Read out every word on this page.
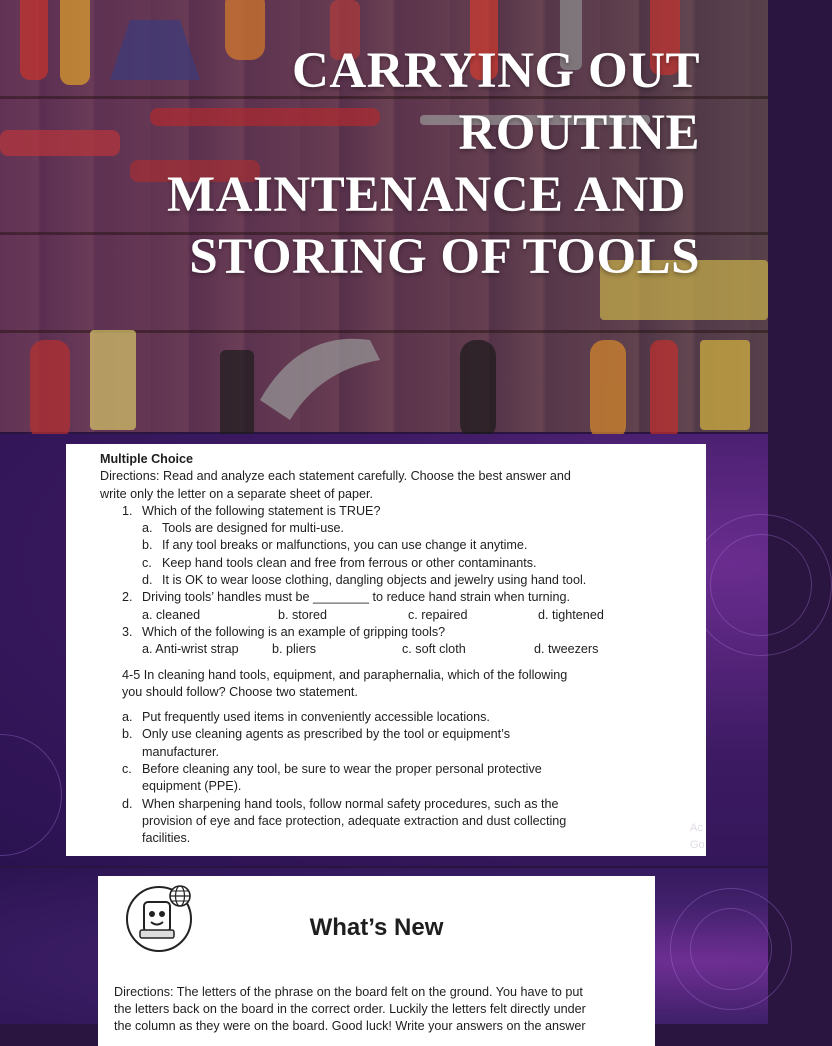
CARRYING OUT
ROUTINE
MAINTENANCE AND
STORING OF TOOLS
Multiple Choice
Directions: Read and analyze each statement carefully. Choose the best answer and
write only the letter on a separate sheet of paper.
1. Which of the following statement is TRUE?
a. Tools are designed for multi-use.
b. If any tool breaks or malfunctions, you can use change it anytime.
c. Keep hand tools clean and free from ferrous or other contaminants.
d. It is OK to wear loose clothing, dangling objects and jewelry using hand tool.
2. Driving tools’ handles must be ________ to reduce hand strain when turning.
a. cleaned	b. stored	c. repaired	d. tightened
3. Which of the following is an example of gripping tools?
a. Anti-wrist strap	b. pliers	c. soft cloth	d. tweezers
4-5 In cleaning hand tools, equipment, and paraphernalia, which of the following
you should follow? Choose two statement.
a. Put frequently used items in conveniently accessible locations.
b. Only use cleaning agents as prescribed by the tool or equipment’s
manufacturer.
c. Before cleaning any tool, be sure to wear the proper personal protective
equipment (PPE).
d. When sharpening hand tools, follow normal safety procedures, such as the
provision of eye and face protection, adequate extraction and dust collecting
facilities.
Ac
Go
What’s New
Directions: The letters of the phrase on the board felt on the ground. You have to put
the letters back on the board in the correct order. Luckily the letters felt directly under
the column as they were on the board. Good luck! Write your answers on the answer
